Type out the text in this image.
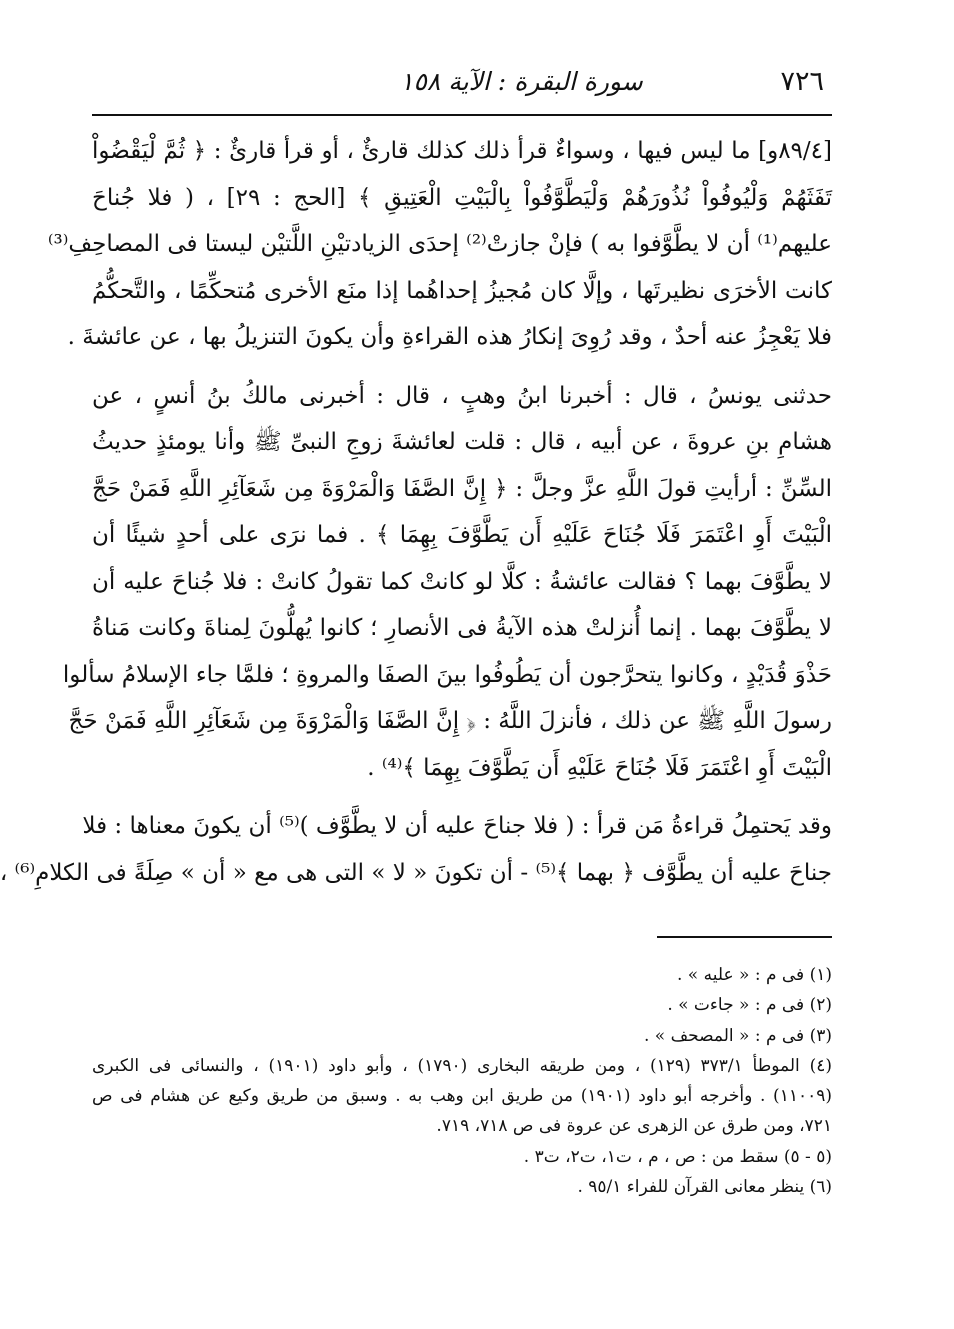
٧٢٦
سورة البقرة : الآية ١٥٨

[٨٩/٤و] ما ليس فيها ، وسواءٌ قرأ ذلك كذلك قارئٌ ، أو قرأ قارئٌ : ﴿ ثُمَّ لْيَقْضُواْ
تَفَثَهُمْ وَلْيُوفُواْ نُذُورَهُمْ وَلْيَطَّوَّفُواْ بِالْبَيْتِ الْعَتِيقِ ﴾ [الحج : ٢٩] ، ( فلا جُناحَ
عليهم⁽¹⁾ أن لا يطَّوَّفوا به ) فإنْ جازتْ⁽²⁾ إحدَى الزيادتيْنِ اللَّتيْن ليستا فى المصاحِفِ⁽³⁾
كانت الأخرَى نظيرتَها ، وإلَّا كان مُجيزُ إحداهُما إذا منَع الأخرى مُتحكِّمًا ، والتَّحكُّمُ
فلا يَعْجِزُ عنه أحدٌ ، وقد رُوِىَ إنكارُ هذه القراءةِ وأن يكونَ التنزيلُ بها ، عن عائشةَ .

حدثنى يونسُ ، قال : أخبرنا ابنُ وهبٍ ، قال : أخبرنى مالكُ بنُ أنسٍ ، عن
هشامِ بنِ عروةَ ، عن أبيه ، قال : قلت لعائشةَ زوجِ النبىِّ ﷺ وأنا يومئذٍ حديثُ
السِّنِّ : أرأيتِ قولَ اللَّهِ عزَّ وجلَّ : ﴿ إِنَّ الصَّفَا وَالْمَرْوَةَ مِن شَعَآئِرِ اللَّهِ فَمَنْ حَجَّ
الْبَيْتَ أَوِ اعْتَمَرَ فَلَا جُنَاحَ عَلَيْهِ أَن يَطَّوَّفَ بِهِمَا ﴾ . فما نرَى على أحدٍ شيئًا أن
لا يطَّوَّفَ بهما ؟ فقالت عائشةُ : كلَّا لو كانتْ كما تقولُ كانتْ : فلا جُناحَ عليه أن
لا يطَّوَّفَ بهما . إنما أُنزلتْ هذه الآيةُ فى الأنصارِ ؛ كانوا يُهلُّونَ لِمناةَ وكانت مَناةُ
حَذْوَ قُدَيْدٍ ، وكانوا يتحرَّجون أن يَطُوفُوا بينَ الصفَا والمروةِ ؛ فلمَّا جاء الإسلامُ سألوا
رسولَ اللَّهِ ﷺ عن ذلك ، فأنزلَ اللَّهُ : ﴿ إِنَّ الصَّفَا وَالْمَرْوَةَ مِن شَعَآئِرِ اللَّهِ فَمَنْ حَجَّ
الْبَيْتَ أَوِ اعْتَمَرَ فَلَا جُنَاحَ عَلَيْهِ أَن يَطَّوَّفَ بِهِمَا ﴾⁽⁴⁾ .

وقد يَحتمِلُ قراءةُ مَن قرأ : ( فلا جناحَ عليه أن لا يطَّوَّف )⁽⁵⁾ أن يكونَ معناها : فلا
جناحَ عليه أن يطَّوَّف ﴿ بهما ﴾⁽⁵⁾ - أن تكونَ « لا » التى هى مع « أن » صِلَةً فى الكلامِ⁽⁶⁾ ،

(١) فى م : « عليه » .
(٢) فى م : « جاءت » .
(٣) فى م : « المصحف » .
(٤) الموطأ ٣٧٣/١ (١٢٩) ، ومن طريقه البخارى (١٧٩٠) ، وأبو داود (١٩٠١) ، والنسائى فى الكبرى
(١١٠٠٩) . وأخرجه أبو داود (١٩٠١) من طريق ابن وهب به . وسبق من طريق وكيع عن هشام فى ص
٧٢١، ومن طرق عن الزهرى عن عروة فى ص ٧١٨، ٧١٩.
(٥ - ٥) سقط من : ص ، م ، ت١، ت٢، ت٣ .
(٦) ينظر معانى القرآن للفراء ٩٥/١ .
